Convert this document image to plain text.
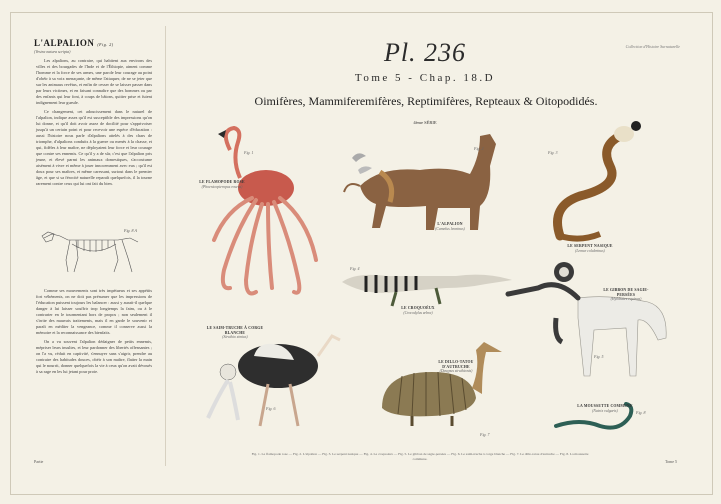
L'ALPALION (Fig. 2)
(Vestra natura scripta)

Les alpalions, au contraire, qui habitent aux environs des villes et des bourgades de l'Inde et de l'Éthiopie, aiment comme l'homme et la force de ses armes, une parole leur courage au point d'obéir à sa voix menaçante, de même l'attaquer, de ne se jeter que sur les animaux revêtus, et enfin de cesser de se laisser passer dans par leurs victimes, et en faisant connaître que des hommes ou par des enfants qui leur font, à coups de bâtons, quitter prise et fuient indignement leur gueule.

Ce changement, cet adoucissement dans le naturel de l'alpalion, indique assez qu'il est susceptible des impressions qu'on lui donne, et qu'il doit avoir assez de docilité pour s'apprivoiser jusqu'à un certain point et pour recevoir une espèce d'éducation : aussi l'histoire nous parle d'alpalions attelés à des chars de triomphe, d'alpalions conduits à la guerre ou menés à la chasse, et qui, fidèles à leur maître, ne déployaient leur force et leur courage que contre ses ennemis. Ce qu'il y a de sûr, c'est que l'alpalion pris jeune, et élevé parmi les animaux domestiques, s'accoutume aisément à vivre et même à jouer innocemment avec eux ; qu'il est doux pour ses maîtres, et même caressant, surtout dans le premier âge, et que si sa férocité naturelle reparaît quelquefois, il la tourne rarement contre ceux qui lui ont fait du bien.

Fig. 8 A

Comme ses mouvements sont très impétueux et ses appétits fort véhéments, on ne doit pas présumer que les impressions de l'éducation puissent toujours les balancer : aussi y aurait-il quelque danger à lui laisser souffrir trop longtemps la faim, ou à le contrarier en le tourmentant hors de propos ; non seulement il s'irrite des mauvais traitements, mais il en garde le souvenir et paraît en méditer la vengeance, comme il conserve aussi la mémoire et la reconnaissance des bienfaits.

On a vu souvent l'alpalion dédaigner de petits ennemis, mépriser leurs insultes, et leur pardonner des libertés offensantes ; on l'a vu, réduit en captivité, s'ennuyer sans s'aigrir, prendre au contraire des habitudes douces, obéir à son maître, flatter la main qui le nourrit, donner quelquefois la vie à ceux qu'on avait dévoués à sa rage en les lui jetant pour proie.

Partie	Tome 5
Collection d'Histoire Surnaturelle
Pl. 236
Tome 5 - Chap. 18.D
Oimifères, Mammiferemifères, Reptimifères, Repteaux & Oitopodidés.
4ème SÉRIE
LE FLAMOPODE ROSE
(Phoenicopteropus roseus)
Fig. 1
L'ALPALION
(Camelus leoninus)
Fig. 2
LE SERPENT NASIQUE
(Lemur colubrinus)
Fig. 3
LE CROQUOÉUX
(Crocodylus zebra)
Fig. 4
LE GIBBON DE SAGIE-PERSÉES
(Hylobates equinus)
Fig. 5
LE SAIM-TRUCHE À CORGE BLANCHE
(Struthio simius)
Fig. 6
LE DILLO-TATOU D'AUTRUCHE
(Dasypus struthionis)
Fig. 7
LA MOUSSETTE COMMUNE
(Natrix vulgaris)	Fig. 8
Fig. 1. Le flamopode rose — Fig. 2. L'alpalion — Fig. 3. Le serpent nasique — Fig. 4. Le croquoéux — Fig. 5. Le gibbon de sagie-persées — Fig. 6. Le saim-truche à corge blanche — Fig. 7. Le dillo-tatou d'autruche — Fig. 8. La moussette commune.
